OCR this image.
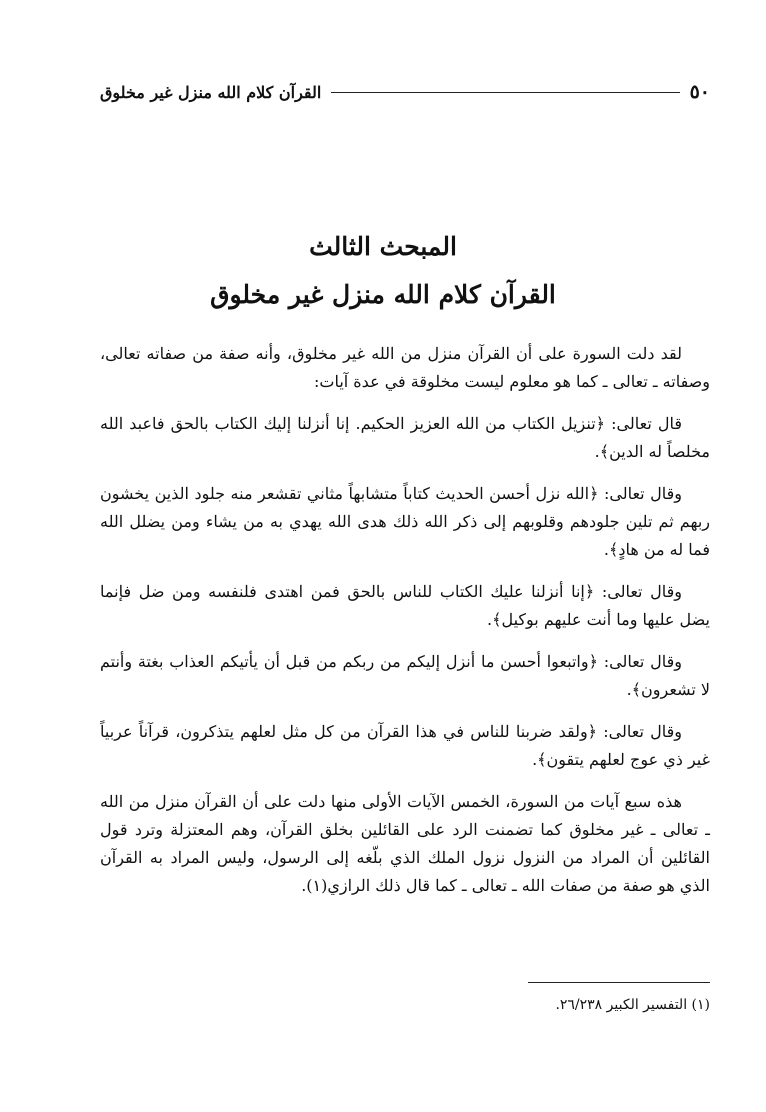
٥٠
القرآن كلام الله منزل غير مخلوق
المبحث الثالث
القرآن كلام الله منزل غير مخلوق

لقد دلت السورة على أن القرآن منزل من الله غير مخلوق، وأنه صفة من صفاته تعالى، وصفاته ـ تعالى ـ كما هو معلوم ليست مخلوقة في عدة آيات:

قال تعالى: ﴿تنزيل الكتاب من الله العزيز الحكيم. إنا أنزلنا إليك الكتاب بالحق فاعبد الله مخلصاً له الدين﴾.

وقال تعالى: ﴿الله نزل أحسن الحديث كتاباً متشابهاً مثاني تقشعر منه جلود الذين يخشون ربهم ثم تلين جلودهم وقلوبهم إلى ذكر الله ذلك هدى الله يهدي به من يشاء ومن يضلل الله فما له من هادٍ﴾.

وقال تعالى: ﴿إنا أنزلنا عليك الكتاب للناس بالحق فمن اهتدى فلنفسه ومن ضل فإنما يضل عليها وما أنت عليهم بوكيل﴾.

وقال تعالى: ﴿واتبعوا أحسن ما أنزل إليكم من ربكم من قبل أن يأتيكم العذاب بغتة وأنتم لا تشعرون﴾.

وقال تعالى: ﴿ولقد ضربنا للناس في هذا القرآن من كل مثل لعلهم يتذكرون، قرآناً عربياً غير ذي عوج لعلهم يتقون﴾.

هذه سبع آيات من السورة، الخمس الآيات الأولى منها دلت على أن القرآن منزل من الله ـ تعالى ـ غير مخلوق كما تضمنت الرد على القائلين بخلق القرآن، وهم المعتزلة وترد قول القائلين أن المراد من النزول نزول الملك الذي بلّغه إلى الرسول، وليس المراد به القرآن الذي هو صفة من صفات الله ـ تعالى ـ كما قال ذلك الرازي(١).

(١) التفسير الكبير ٢٦/٢٣٨.
